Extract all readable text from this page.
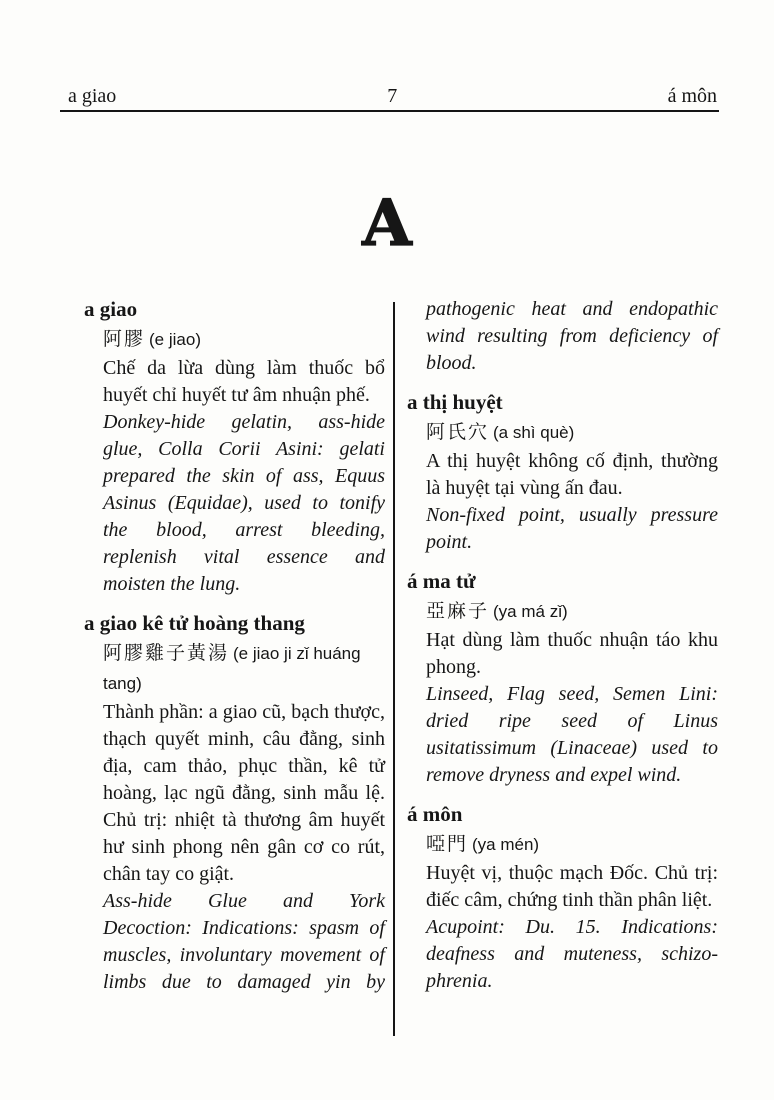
a giao	7	á môn
A
a giao
阿膠 (e jiao)

Chế da lừa dùng làm thuốc bổ huyết chỉ huyết tư âm nhuận phế.

Donkey-hide gelatin, ass-hide glue, Colla Corii Asini: gelati prepared the skin of ass, Equus Asinus (Equidae), used to tonify the blood, arrest bleeding, replenish vital essence and moisten the lung.

a giao kê tử hoàng thang
阿膠雞子黃湯 (e jiao ji zǐ huáng tang)

Thành phần: a giao cũ, bạch thược, thạch quyết minh, câu đằng, sinh địa, cam thảo, phục thần, kê tử hoàng, lạc ngũ đằng, sinh mẫu lệ. Chủ trị: nhiệt tà thương âm huyết hư sinh phong nên gân cơ co rút, chân tay co giật.

Ass-hide Glue and York Decoction: Indications: spasm of muscles, involuntary movement of limbs due to damaged yin by

pathogenic heat and endopathic wind resulting from deficiency of blood.

a thị huyệt
阿氏穴 (a shì què)

A thị huyệt không cố định, thường là huyệt tại vùng ấn đau.

Non-fixed point, usually pressure point.

á ma tử
亞麻子 (ya má zǐ)

Hạt dùng làm thuốc nhuận táo khu phong.

Linseed, Flag seed, Semen Lini: dried ripe seed of Linus usitatissimum (Linaceae) used to remove dryness and expel wind.

á môn
啞門 (ya mén)

Huyệt vị, thuộc mạch Đốc. Chủ trị: điếc câm, chứng tinh thần phân liệt.

Acupoint: Du. 15. Indications: deafness and muteness, schizo-phrenia.
